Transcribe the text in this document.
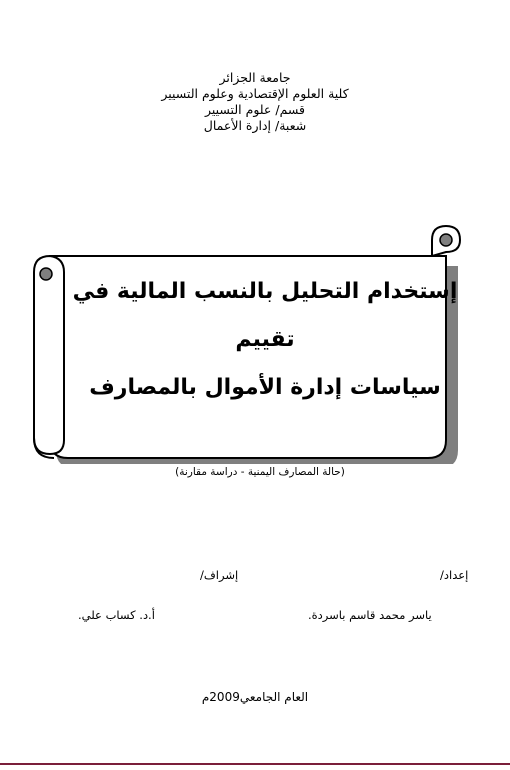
جامعة الجزائر
كلية العلوم الإقتصادية وعلوم التسيير
قسم/ علوم التسيير
شعبة/ إدارة الأعمال
إستخدام التحليل بالنسب المالية في
تقييم
سياسات إدارة الأموال بالمصارف
(حالة المصارف اليمنية - دراسة مقارنة)
إعداد/
إشراف/
ياسر محمد قاسم باسردة.
أ.د. كساب علي.
العام الجامعي2009م
